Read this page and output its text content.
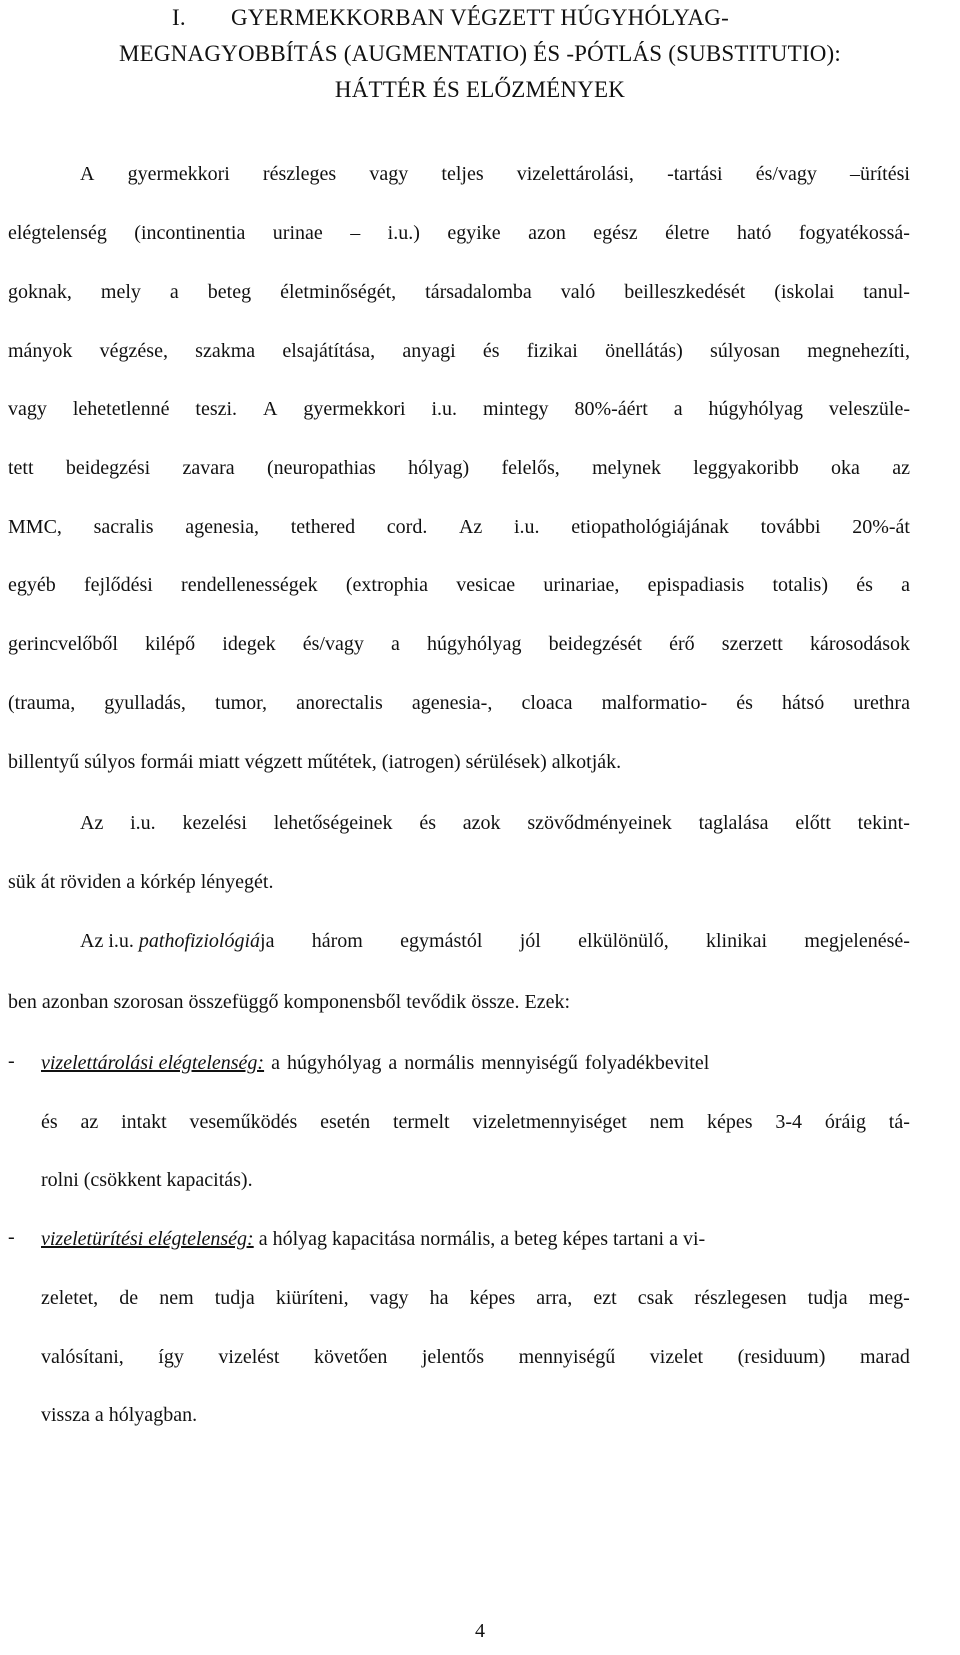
I. GYERMEKKORBAN VÉGZETT HÚGYHÓLYAG-
MEGNAGYOBBÍTÁS (AUGMENTATIO) ÉS -PÓTLÁS (SUBSTITUTIO):
HÁTTÉR ÉS ELŐZMÉNYEK
A gyermekkori részleges vagy teljes vizelettárolási, -tartási és/vagy –ürítési
elégtelenség (incontinentia urinae – i.u.) egyike azon egész életre ható fogyatékossá-
goknak, mely a beteg életminőségét, társadalomba való beilleszkedését (iskolai tanul-
mányok végzése, szakma elsajátítása, anyagi és fizikai önellátás) súlyosan megnehezíti,
vagy lehetetlenné teszi. A gyermekkori i.u. mintegy 80%-áért a húgyhólyag veleszüle-
tett beidegzési zavara (neuropathias hólyag) felelős, melynek leggyakoribb oka az
MMC, sacralis agenesia, tethered cord. Az i.u. etiopathológiájának további 20%-át
egyéb fejlődési rendellenességek (extrophia vesicae urinariae, epispadiasis totalis) és a
gerincvelőből kilépő idegek és/vagy a húgyhólyag beidegzését érő szerzett károsodások
(trauma, gyulladás, tumor, anorectalis agenesia-, cloaca malformatio- és hátsó urethra
billentyű súlyos formái miatt végzett műtétek, (iatrogen) sérülések) alkotják.
Az i.u. kezelési lehetőségeinek és azok szövődményeinek taglalása előtt tekint-
sük át röviden a kórkép lényegét.
Az i.u. pathofiziológiája három egymástól jól elkülönülő, klinikai megjelenésé-
ben azonban szorosan összefüggő komponensből tevődik össze. Ezek:
- vizelettárolási elégtelenség: a húgyhólyag a normális mennyiségű folyadékbevitel
és az intakt veseműködés esetén termelt vizeletmennyiséget nem képes 3-4 óráig tá-
rolni (csökkent kapacitás).
- vizeletürítési elégtelenség: a hólyag kapacitása normális, a beteg képes tartani a vi-
zeletet, de nem tudja kiüríteni, vagy ha képes arra, ezt csak részlegesen tudja meg-
valósítani, így vizelést követően jelentős mennyiségű vizelet (residuum) marad
vissza a hólyagban.
4
